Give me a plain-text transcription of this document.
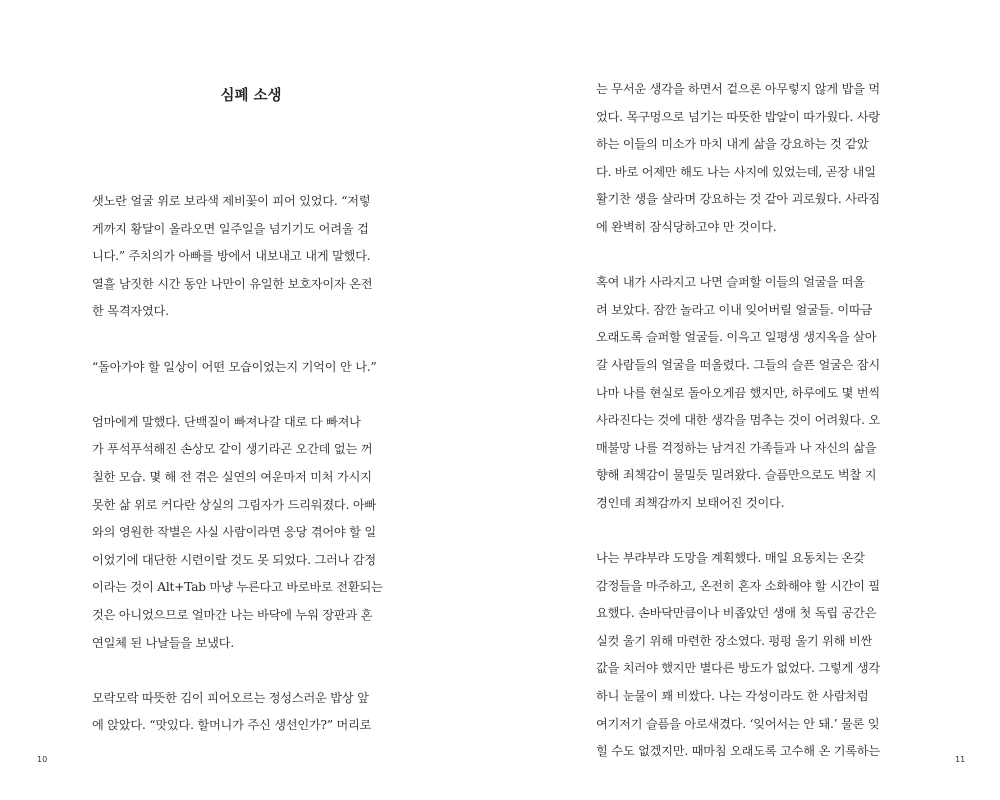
심폐 소생
샛노란 얼굴 위로 보라색 제비꽃이 피어 있었다. “저렇
게까지 황달이 올라오면 일주일을 넘기기도 어려울 겁
니다.” 주치의가 아빠를 방에서 내보내고 내게 말했다.
열흘 남짓한 시간 동안 나만이 유일한 보호자이자 온전
한 목격자였다.
“돌아가야 할 일상이 어떤 모습이었는지 기억이 안 나.”
엄마에게 말했다. 단백질이 빠져나갈 대로 다 빠져나
가 푸석푸석해진 손상모 같이 생기라곤 오간데 없는 꺼
칠한 모습. 몇 해 전 겪은 실연의 여운마저 미처 가시지
못한 삶 위로 커다란 상실의 그림자가 드리워졌다. 아빠
와의 영원한 작별은 사실 사람이라면 응당 겪어야 할 일
이었기에 대단한 시련이랄 것도 못 되었다. 그러나 감정
이라는 것이 Alt+Tab 마냥 누른다고 바로바로 전환되는
것은 아니었으므로 얼마간 나는 바닥에 누워 장판과 혼
연일체 된 나날들을 보냈다.
모락모락 따뜻한 김이 피어오르는 정성스러운 밥상 앞
에 앉았다. “맛있다. 할머니가 주신 생선인가?” 머리로
10
는 무서운 생각을 하면서 겉으론 아무렇지 않게 밥을 먹
었다. 목구멍으로 넘기는 따뜻한 밥알이 따가웠다. 사랑
하는 이들의 미소가 마치 내게 삶을 강요하는 것 같았
다. 바로 어제만 해도 나는 사지에 있었는데, 곧장 내일
활기찬 생을 살라며 강요하는 것 같아 괴로웠다. 사라짐
에 완벽히 잠식당하고야 만 것이다.
혹여 내가 사라지고 나면 슬퍼할 이들의 얼굴을 떠올
려 보았다. 잠깐 놀라고 이내 잊어버릴 얼굴들. 이따금
오래도록 슬퍼할 얼굴들. 이윽고 일평생 생지옥을 살아
갈 사람들의 얼굴을 떠올렸다. 그들의 슬픈 얼굴은 잠시
나마 나를 현실로 돌아오게끔 했지만, 하루에도 몇 번씩
사라진다는 것에 대한 생각을 멈추는 것이 어려웠다. 오
매불망 나를 걱정하는 남겨진 가족들과 나 자신의 삶을
향해 죄책감이 물밀듯 밀려왔다. 슬픔만으로도 벅찰 지
경인데 죄책감까지 보태어진 것이다.
나는 부랴부랴 도망을 계획했다. 매일 요동치는 온갖
감정들을 마주하고, 온전히 혼자 소화해야 할 시간이 필
요했다. 손바닥만큼이나 비좁았던 생애 첫 독립 공간은
실컷 울기 위해 마련한 장소였다. 펑펑 울기 위해 비싼
값을 치러야 했지만 별다른 방도가 없었다. 그렇게 생각
하니 눈물이 꽤 비쌌다. 나는 각성이라도 한 사람처럼
여기저기 슬픔을 아로새겼다. ‘잊어서는 안 돼.’ 물론 잊
힐 수도 없겠지만. 때마침 오래도록 고수해 온 기록하는
11
